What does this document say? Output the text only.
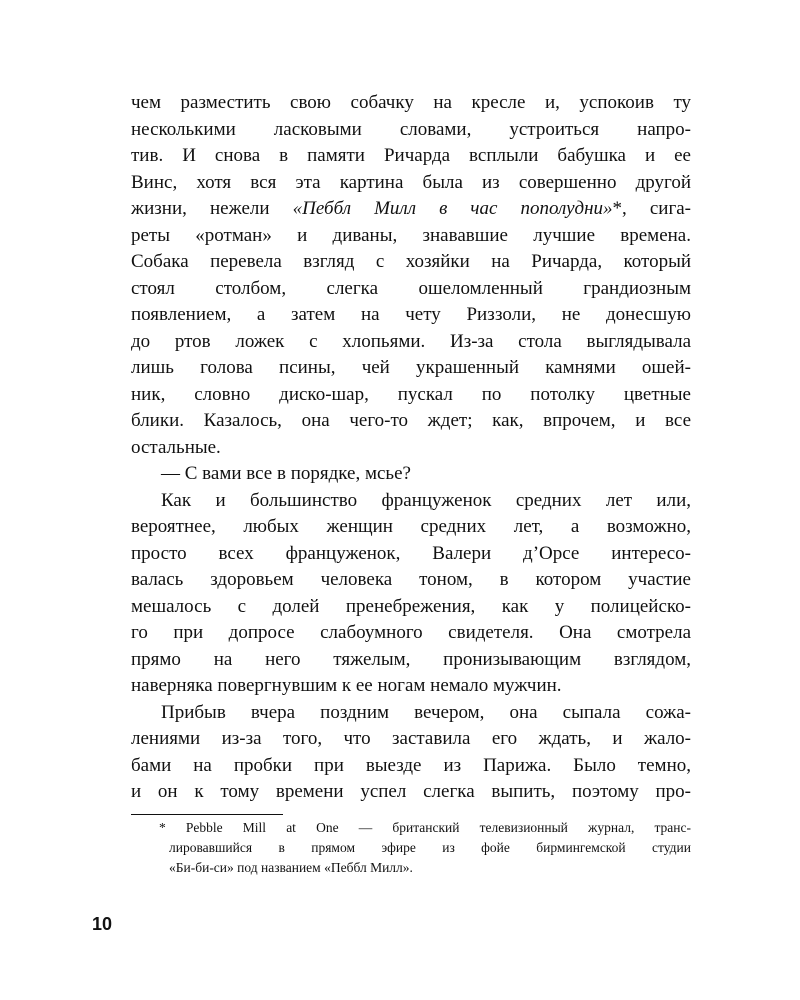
чем разместить свою собачку на кресле и, успокоив ту
несколькими ласковыми словами, устроиться напро-
тив. И снова в памяти Ричарда всплыли бабушка и ее
Винс, хотя вся эта картина была из совершенно другой
жизни, нежели «Пеббл Милл в час пополудни»*, сига-
реты «ротман» и диваны, знававшие лучшие времена.
Собака перевела взгляд с хозяйки на Ричарда, который
стоял столбом, слегка ошеломленный грандиозным
появлением, а затем на чету Риззоли, не донесшую
до ртов ложек с хлопьями. Из-за стола выглядывала
лишь голова псины, чей украшенный камнями ошей-
ник, словно диско-шар, пускал по потолку цветные
блики. Казалось, она чего-то ждет; как, впрочем, и все
остальные.
— С вами все в порядке, мсье?
Как и большинство француженок средних лет или,
вероятнее, любых женщин средних лет, а возможно,
просто всех француженок, Валери д’Орсе интересо-
валась здоровьем человека тоном, в котором участие
мешалось с долей пренебрежения, как у полицейско-
го при допросе слабоумного свидетеля. Она смотрела
прямо на него тяжелым, пронизывающим взглядом,
наверняка повергнувшим к ее ногам немало мужчин.
Прибыв вчера поздним вечером, она сыпала сожа-
лениями из-за того, что заставила его ждать, и жало-
бами на пробки при выезде из Парижа. Было темно,
и он к тому времени успел слегка выпить, поэтому про-
* Pebble Mill at One — британский телевизионный журнал, транс-
лировавшийся в прямом эфире из фойе бирмингемской студии
«Би-би-си» под названием «Пеббл Милл».
10
